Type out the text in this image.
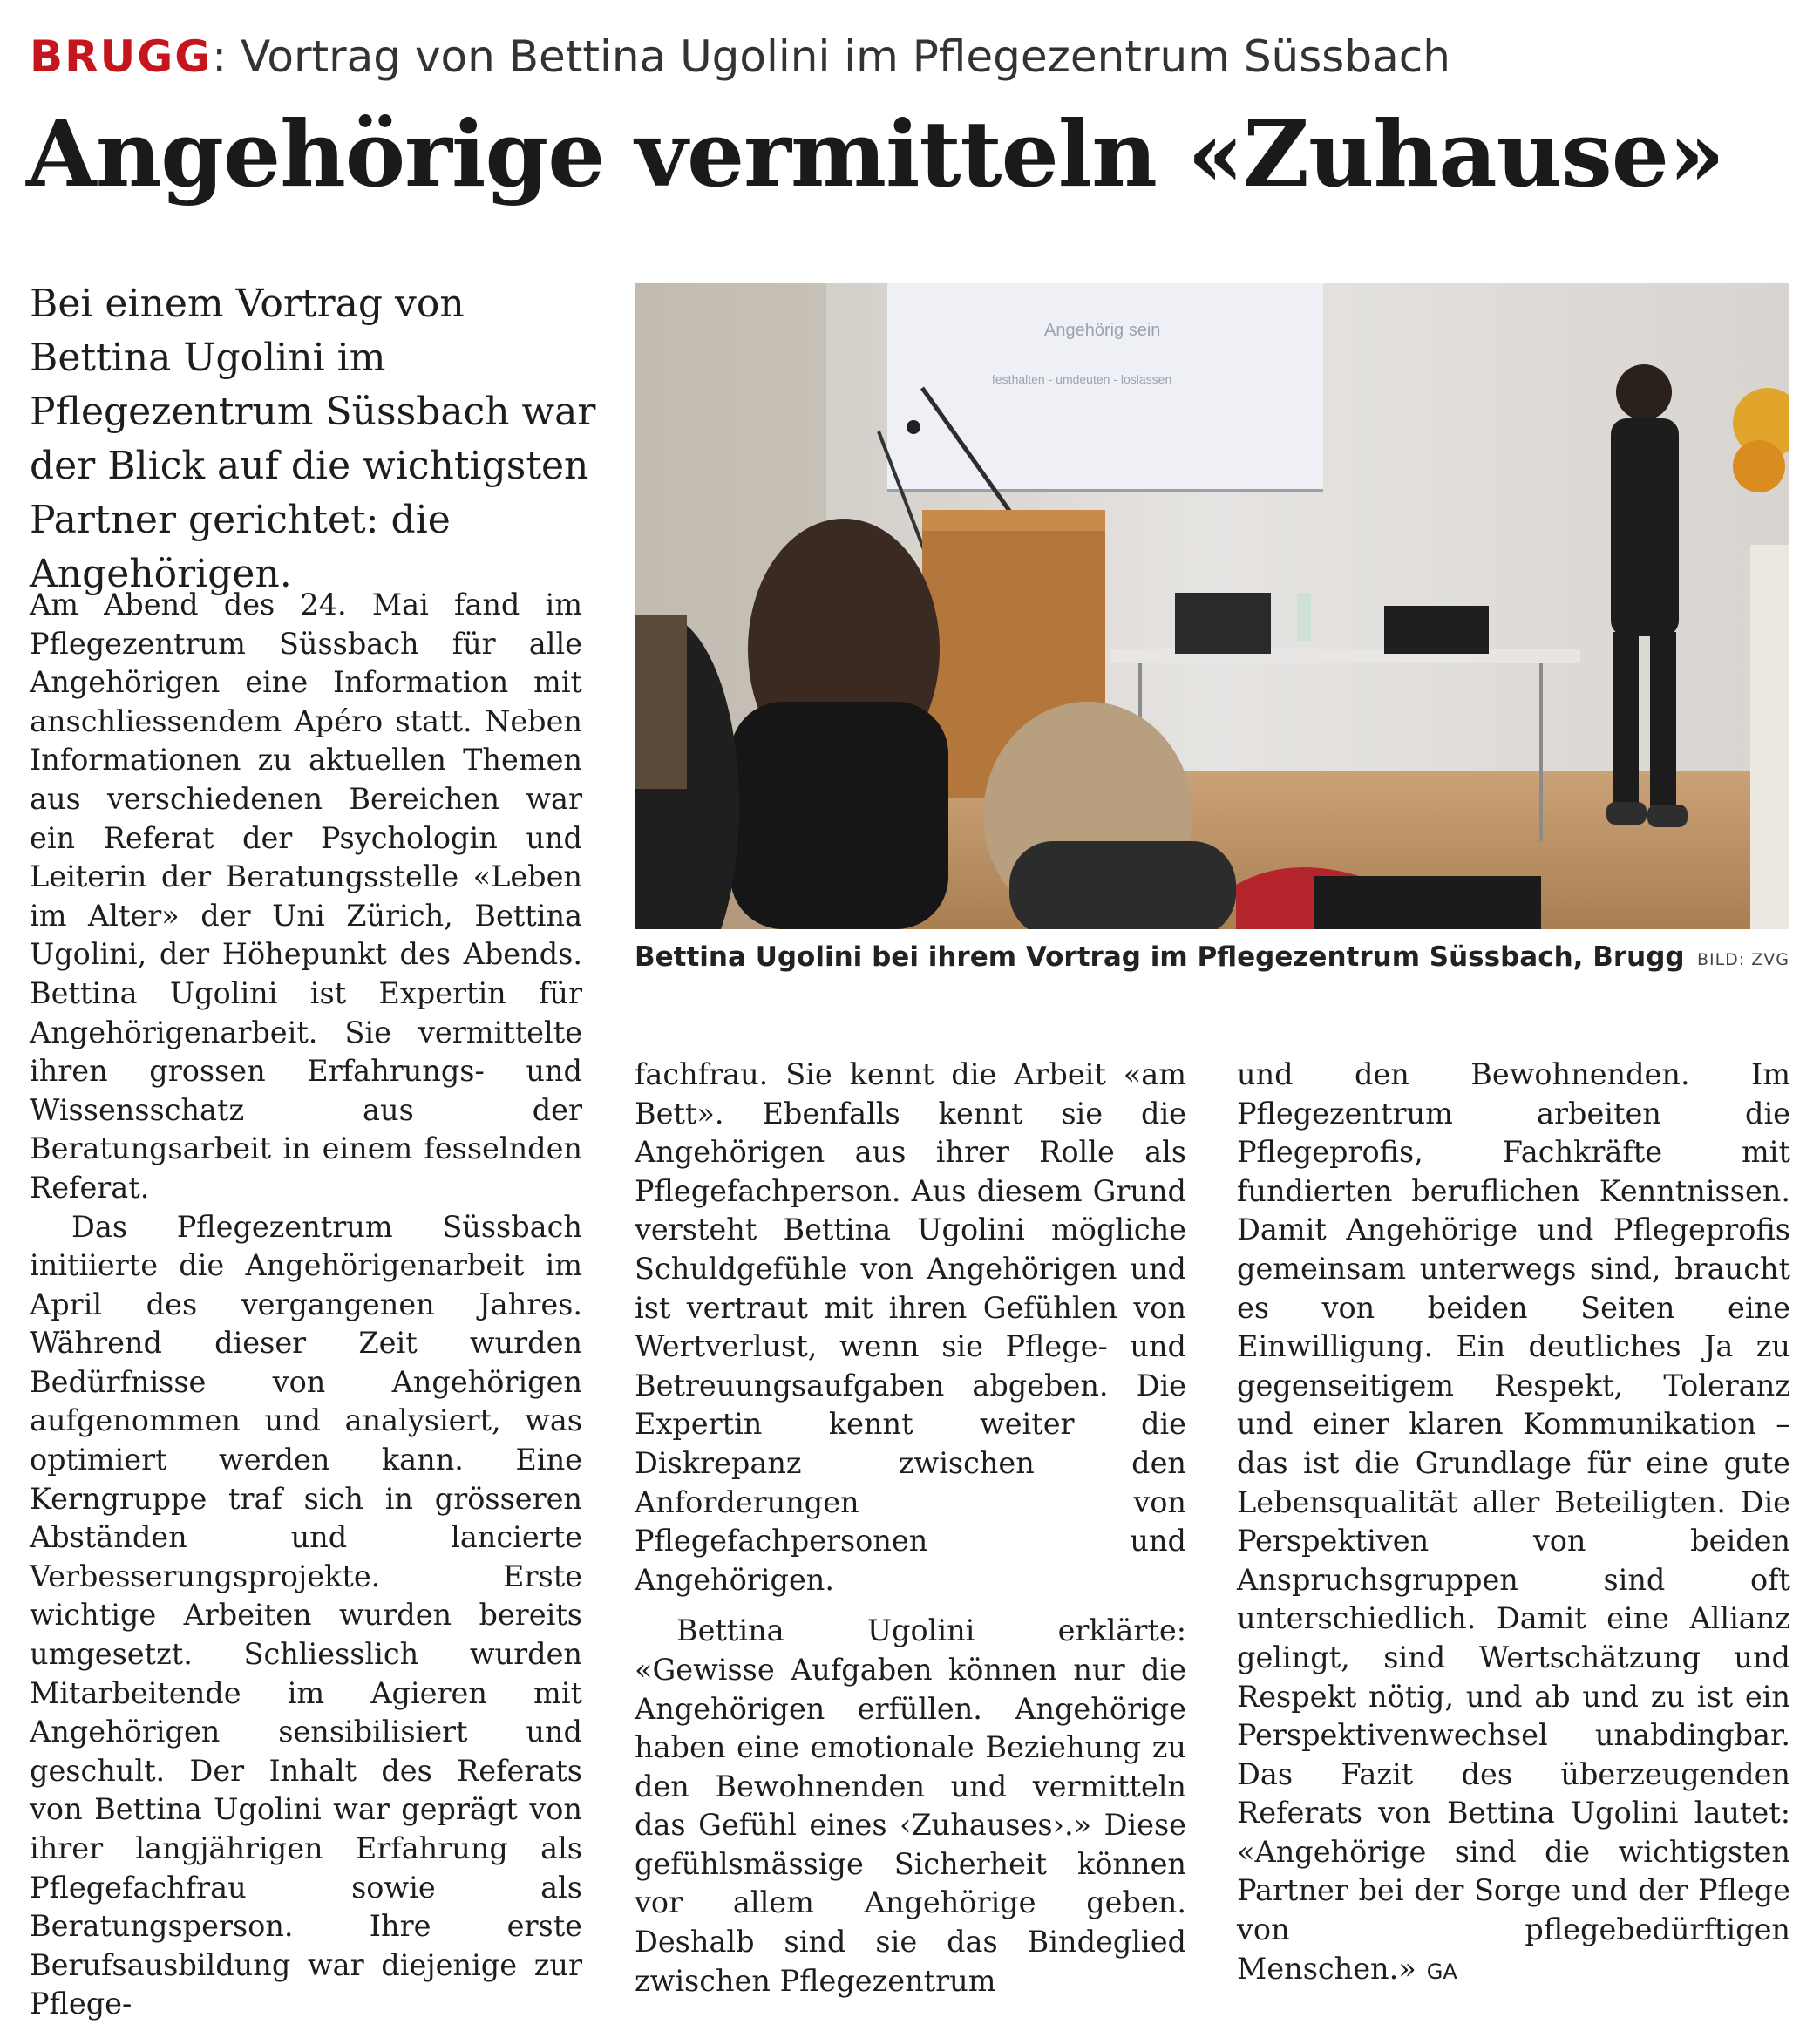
BRUGG: Vortrag von Bettina Ugolini im Pflegezentrum Süssbach
Angehörige vermitteln «Zuhause»
Bei einem Vortrag von Bettina Ugolini im Pflegezentrum Süssbach war der Blick auf die wichtigsten Partner gerichtet: die Angehörigen.
Angehörig sein
festhalten - umdeuten - loslassen
Bettina Ugolini bei ihrem Vortrag im Pflegezentrum Süssbach, Brugg BILD: ZVG

Am Abend des 24. Mai fand im Pflegezentrum Süssbach für alle Angehörigen eine Information mit anschliessendem Apéro statt. Neben Informationen zu aktuellen Themen aus verschiedenen Bereichen war ein Referat der Psychologin und Leiterin der Beratungsstelle «Leben im Alter» der Uni Zürich, Bettina Ugolini, der Höhepunkt des Abends. Bettina Ugolini ist Expertin für Angehörigenarbeit. Sie vermittelte ihren grossen Erfahrungs- und Wissensschatz aus der Beratungsarbeit in einem fesselnden Referat.

Das Pflegezentrum Süssbach initiierte die Angehörigenarbeit im April des vergangenen Jahres. Während dieser Zeit wurden Bedürfnisse von Angehörigen aufgenommen und analysiert, was optimiert werden kann. Eine Kerngruppe traf sich in grösseren Abständen und lancierte Verbesserungsprojekte. Erste wichtige Arbeiten wurden bereits umgesetzt. Schliesslich wurden Mitarbeitende im Agieren mit Angehörigen sensibilisiert und geschult. Der Inhalt des Referats von Bettina Ugolini war geprägt von ihrer langjährigen Erfahrung als Pflegefachfrau sowie als Beratungsperson. Ihre erste Berufsausbildung war diejenige zur Pflege-

fachfrau. Sie kennt die Arbeit «am Bett». Ebenfalls kennt sie die Angehörigen aus ihrer Rolle als Pflegefachperson. Aus diesem Grund versteht Bettina Ugolini mögliche Schuldgefühle von Angehörigen und ist vertraut mit ihren Gefühlen von Wertverlust, wenn sie Pflege- und Betreuungsaufgaben abgeben. Die Expertin kennt weiter die Diskrepanz zwischen den Anforderungen von Pflegefachpersonen und Angehörigen.

Bettina Ugolini erklärte: «Gewisse Aufgaben können nur die Angehörigen erfüllen. Angehörige haben eine emotionale Beziehung zu den Bewohnenden und vermitteln das Gefühl eines ‹Zuhauses›.» Diese gefühlsmässige Sicherheit können vor allem Angehörige geben. Deshalb sind sie das Bindeglied zwischen Pflegezentrum

und den Bewohnenden. Im Pflegezentrum arbeiten die Pflegeprofis, Fachkräfte mit fundierten beruflichen Kenntnissen. Damit Angehörige und Pflegeprofis gemeinsam unterwegs sind, braucht es von beiden Seiten eine Einwilligung. Ein deutliches Ja zu gegenseitigem Respekt, Toleranz und einer klaren Kommunikation – das ist die Grundlage für eine gute Lebensqualität aller Beteiligten. Die Perspektiven von beiden Anspruchsgruppen sind oft unterschiedlich. Damit eine Allianz gelingt, sind Wertschätzung und Respekt nötig, und ab und zu ist ein Perspektivenwechsel unabdingbar. Das Fazit des überzeugenden Referats von Bettina Ugolini lautet: «Angehörige sind die wichtigsten Partner bei der Sorge und der Pflege von pflegebedürftigen Menschen.» GA
